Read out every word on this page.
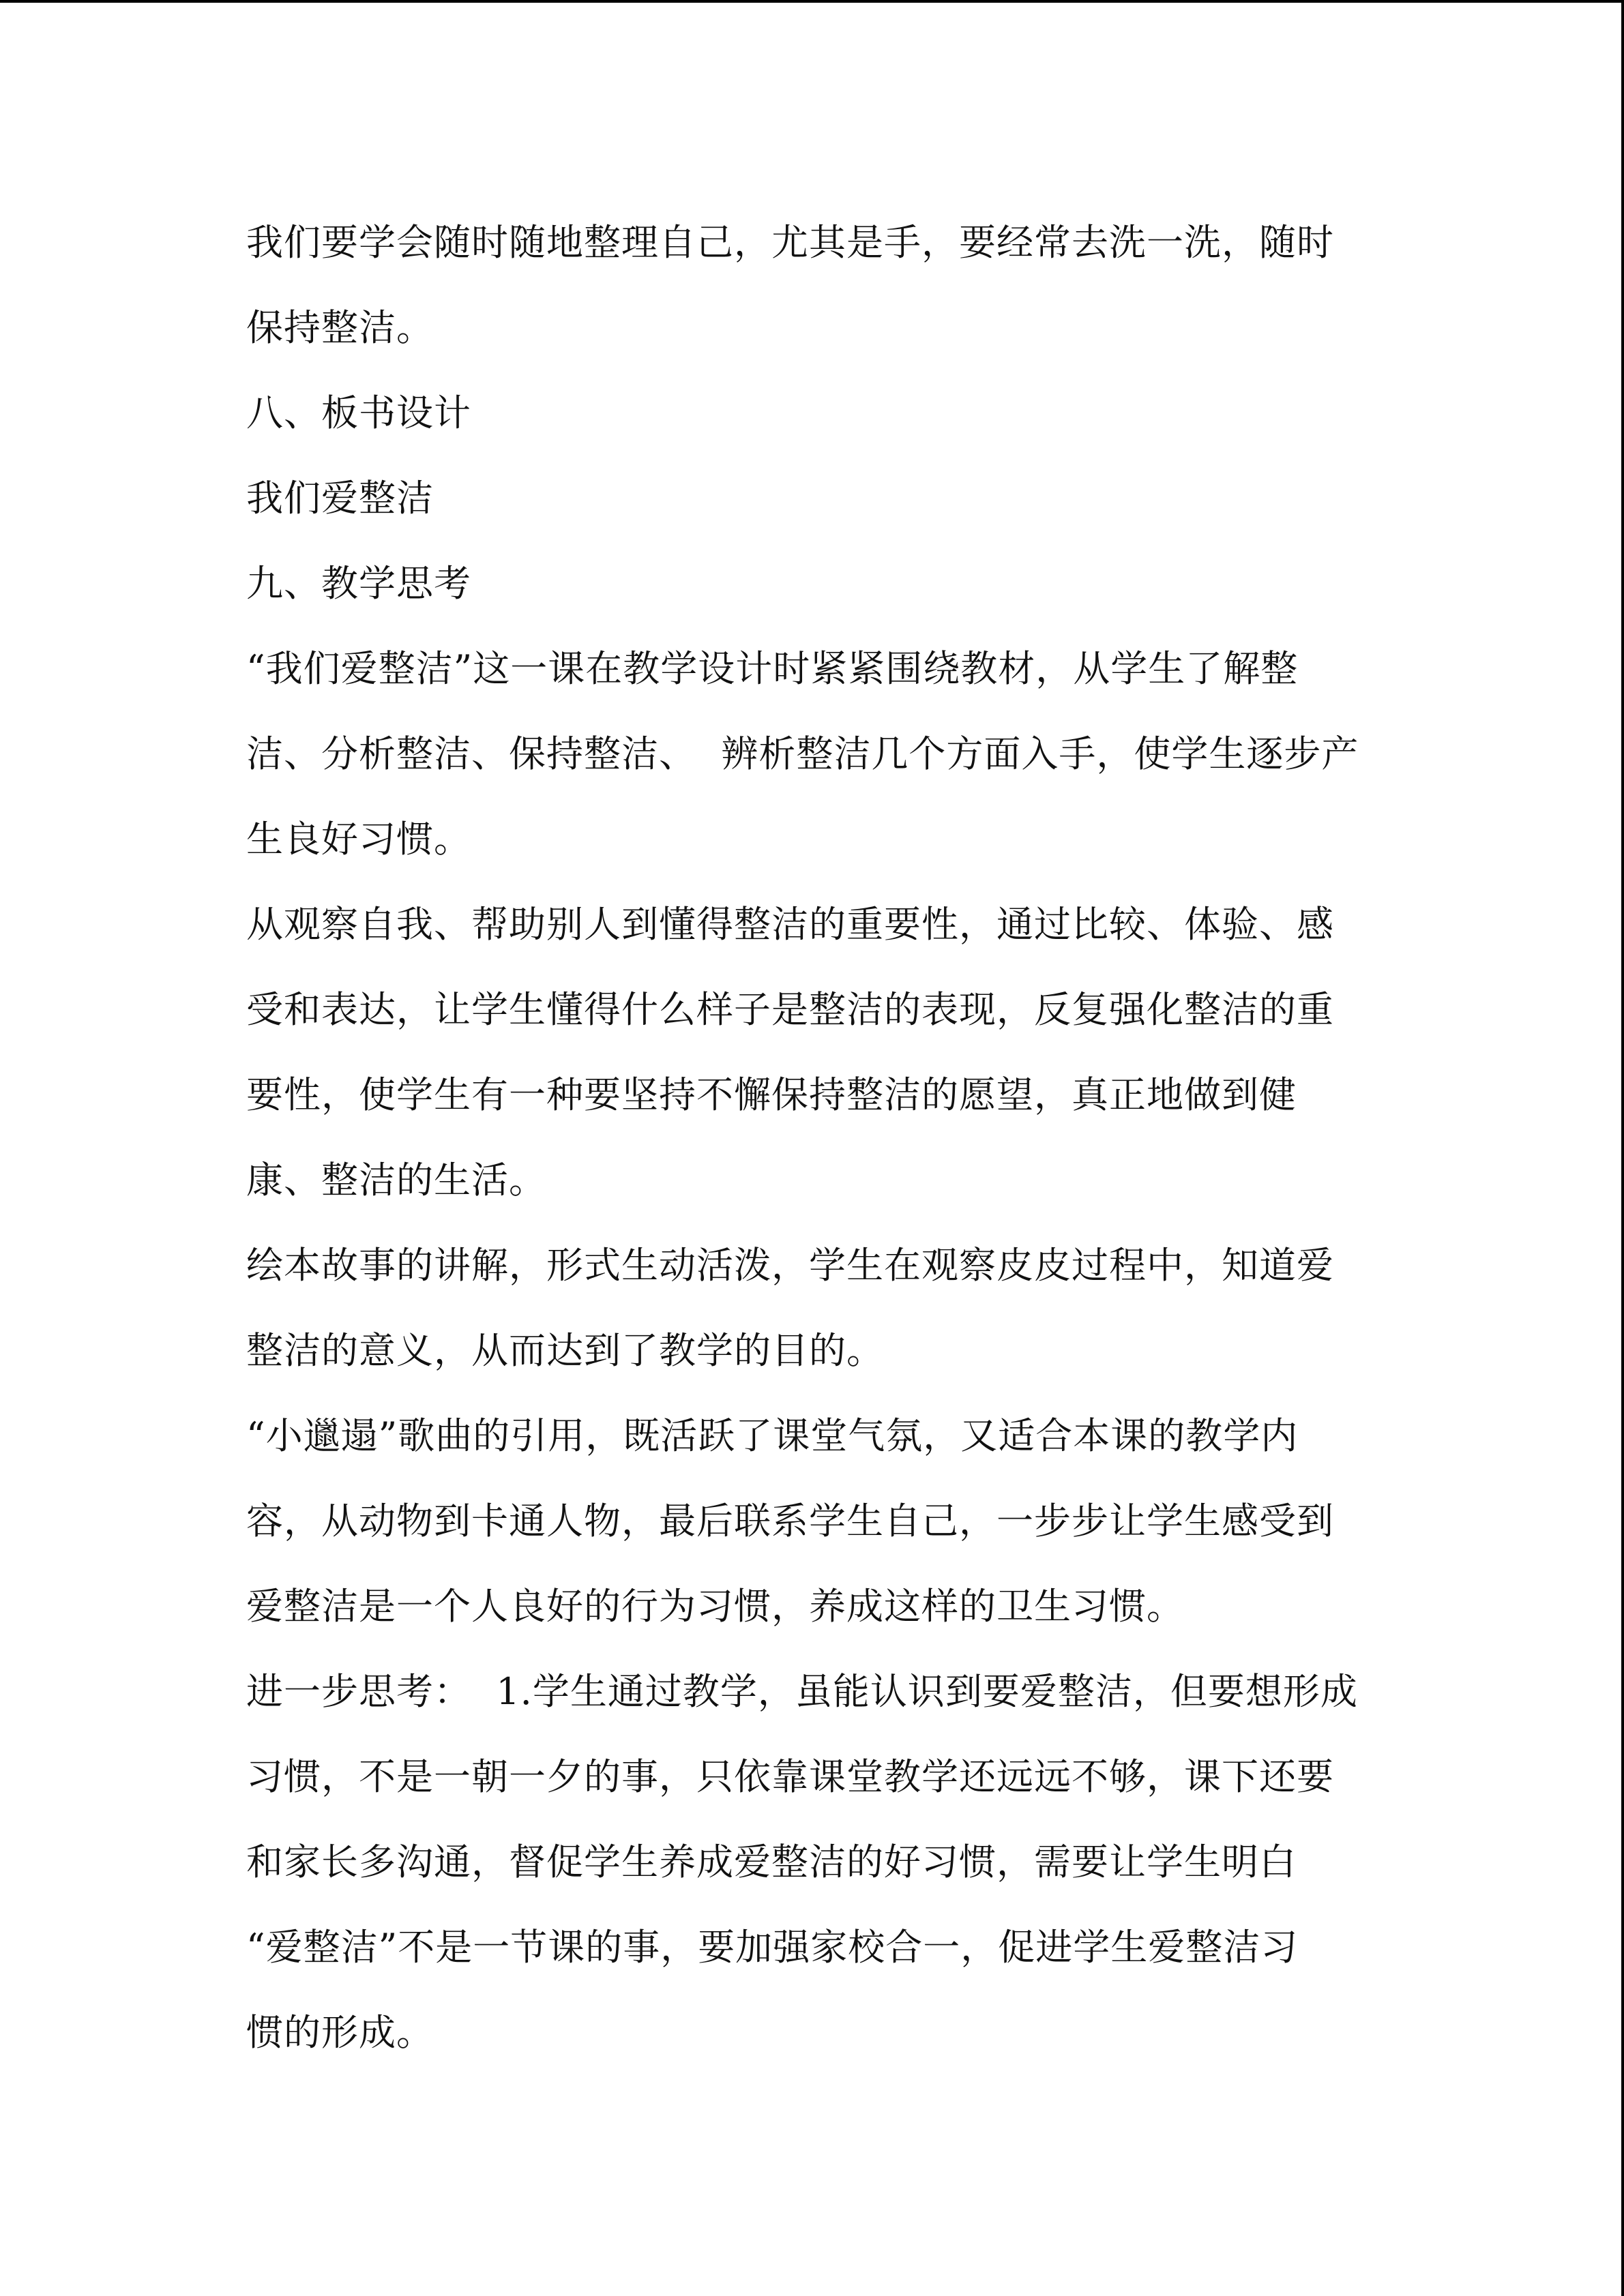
我们要学会随时随地整理自己，尤其是手，要经常去洗一洗，随时
保持整洁。
八、板书设计
我们爱整洁
九、教学思考
“我们爱整洁”这一课在教学设计时紧紧围绕教材，从学生了解整
洁、分析整洁、保持整洁、  辨析整洁几个方面入手，使学生逐步产
生良好习惯。
从观察自我、帮助别人到懂得整洁的重要性，通过比较、体验、感
受和表达，让学生懂得什么样子是整洁的表现，反复强化整洁的重
要性，使学生有一种要坚持不懈保持整洁的愿望，真正地做到健
康、整洁的生活。
绘本故事的讲解，形式生动活泼，学生在观察皮皮过程中，知道爱
整洁的意义，从而达到了教学的目的。
“小邋遢”歌曲的引用，既活跃了课堂气氛，又适合本课的教学内
容，从动物到卡通人物，最后联系学生自己，一步步让学生感受到
爱整洁是一个人良好的行为习惯，养成这样的卫生习惯。
进一步思考：  1.学生通过教学，虽能认识到要爱整洁，但要想形成
习惯，不是一朝一夕的事，只依靠课堂教学还远远不够，课下还要
和家长多沟通，督促学生养成爱整洁的好习惯，需要让学生明白
“爱整洁”不是一节课的事，要加强家校合一，促进学生爱整洁习
惯的形成。
